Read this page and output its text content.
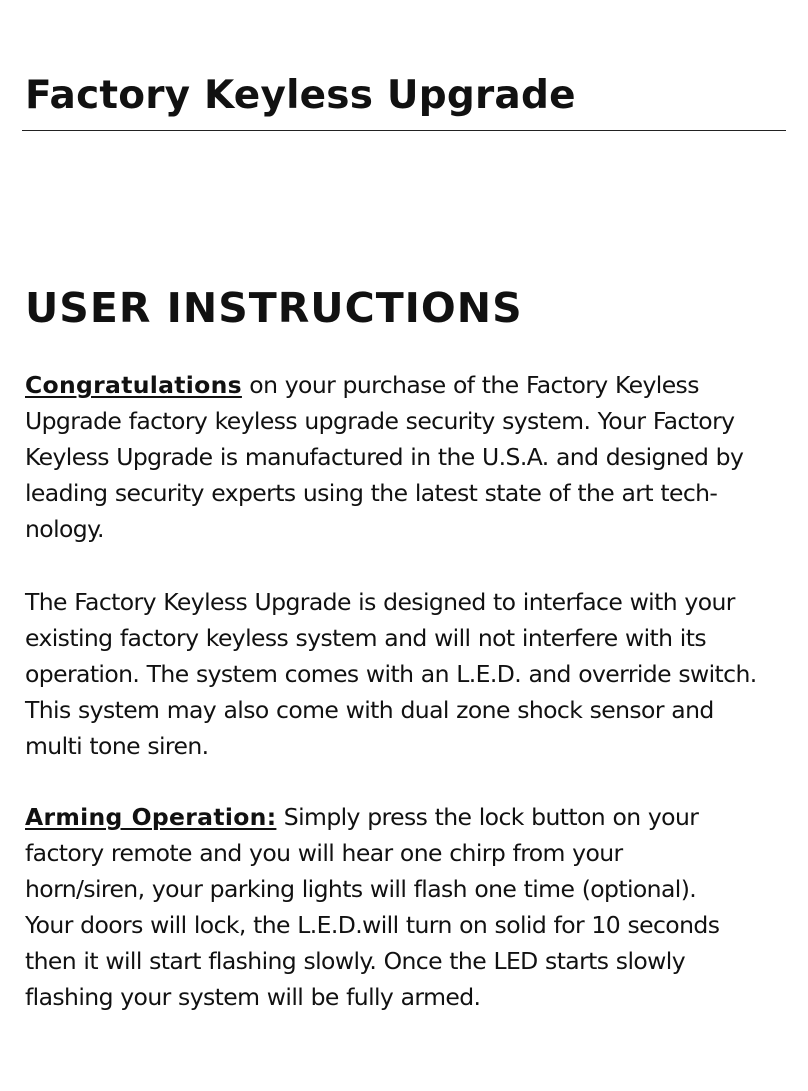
Factory Keyless Upgrade
USER INSTRUCTIONS

Congratulations on your purchase of the Factory Keyless
Upgrade factory keyless upgrade security system. Your Factory
Keyless Upgrade is manufactured in the U.S.A. and designed by
leading security experts using the latest state of the art tech-
nology.

The Factory Keyless Upgrade is designed to interface with your
existing factory keyless system and will not interfere with its
operation. The system comes with an L.E.D. and override switch.
This system may also come with dual zone shock sensor and
multi tone siren.

Arming Operation: Simply press the lock button on your
factory remote and you will hear one chirp from your
horn/siren, your parking lights will flash one time (optional).
Your doors will lock, the L.E.D.will turn on solid for 10 seconds
then it will start flashing slowly. Once the LED starts slowly
flashing your system will be fully armed.
